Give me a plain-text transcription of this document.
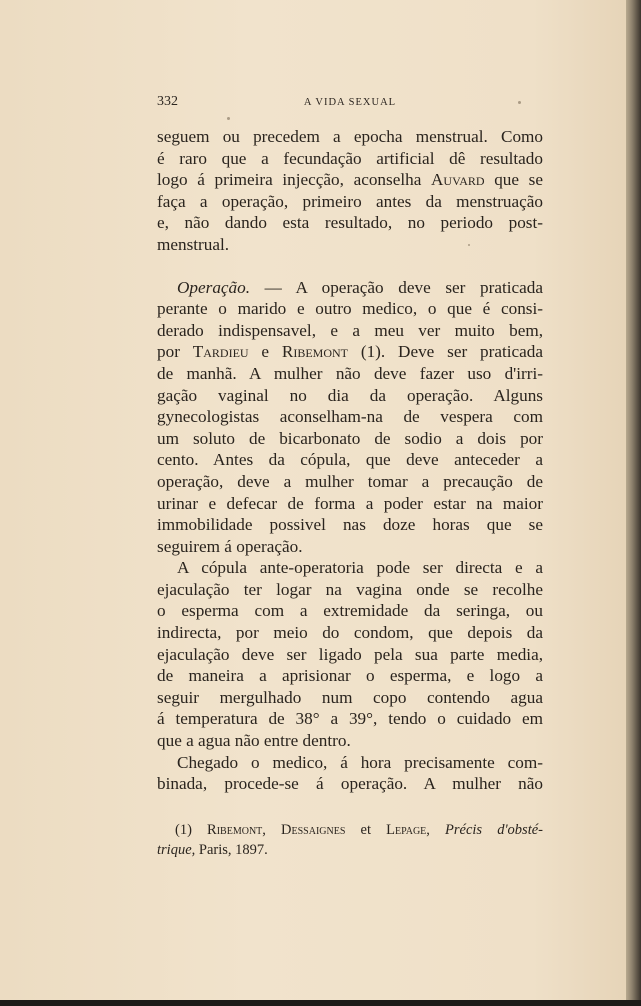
332	A VIDA SEXUAL
seguem ou precedem a epocha menstrual. Como
é raro que a fecundação artificial dê resultado
logo á primeira injecção, aconselha Auvard que se
faça a operação, primeiro antes da menstruação
e, não dando esta resultado, no periodo post-
menstrual.
Operação. — A operação deve ser praticada
perante o marido e outro medico, o que é consi-
derado indispensavel, e a meu ver muito bem,
por Tardieu e Ribemont (1). Deve ser praticada
de manhã. A mulher não deve fazer uso d'irri-
gação vaginal no dia da operação. Alguns
gynecologistas aconselham-na de vespera com
um soluto de bicarbonato de sodio a dois por
cento. Antes da cópula, que deve anteceder a
operação, deve a mulher tomar a precaução de
urinar e defecar de forma a poder estar na maior
immobilidade possivel nas doze horas que se
seguirem á operação.
A cópula ante-operatoria pode ser directa e a
ejaculação ter logar na vagina onde se recolhe
o esperma com a extremidade da seringa, ou
indirecta, por meio do condom, que depois da
ejaculação deve ser ligado pela sua parte media,
de maneira a aprisionar o esperma, e logo a
seguir mergulhado num copo contendo agua
á temperatura de 38° a 39°, tendo o cuidado em
que a agua não entre dentro.
Chegado o medico, á hora precisamente com-
binada, procede-se á operação. A mulher não
(1) Ribemont, Dessaignes et Lepage, Précis d'obsté-
trique, Paris, 1897.
